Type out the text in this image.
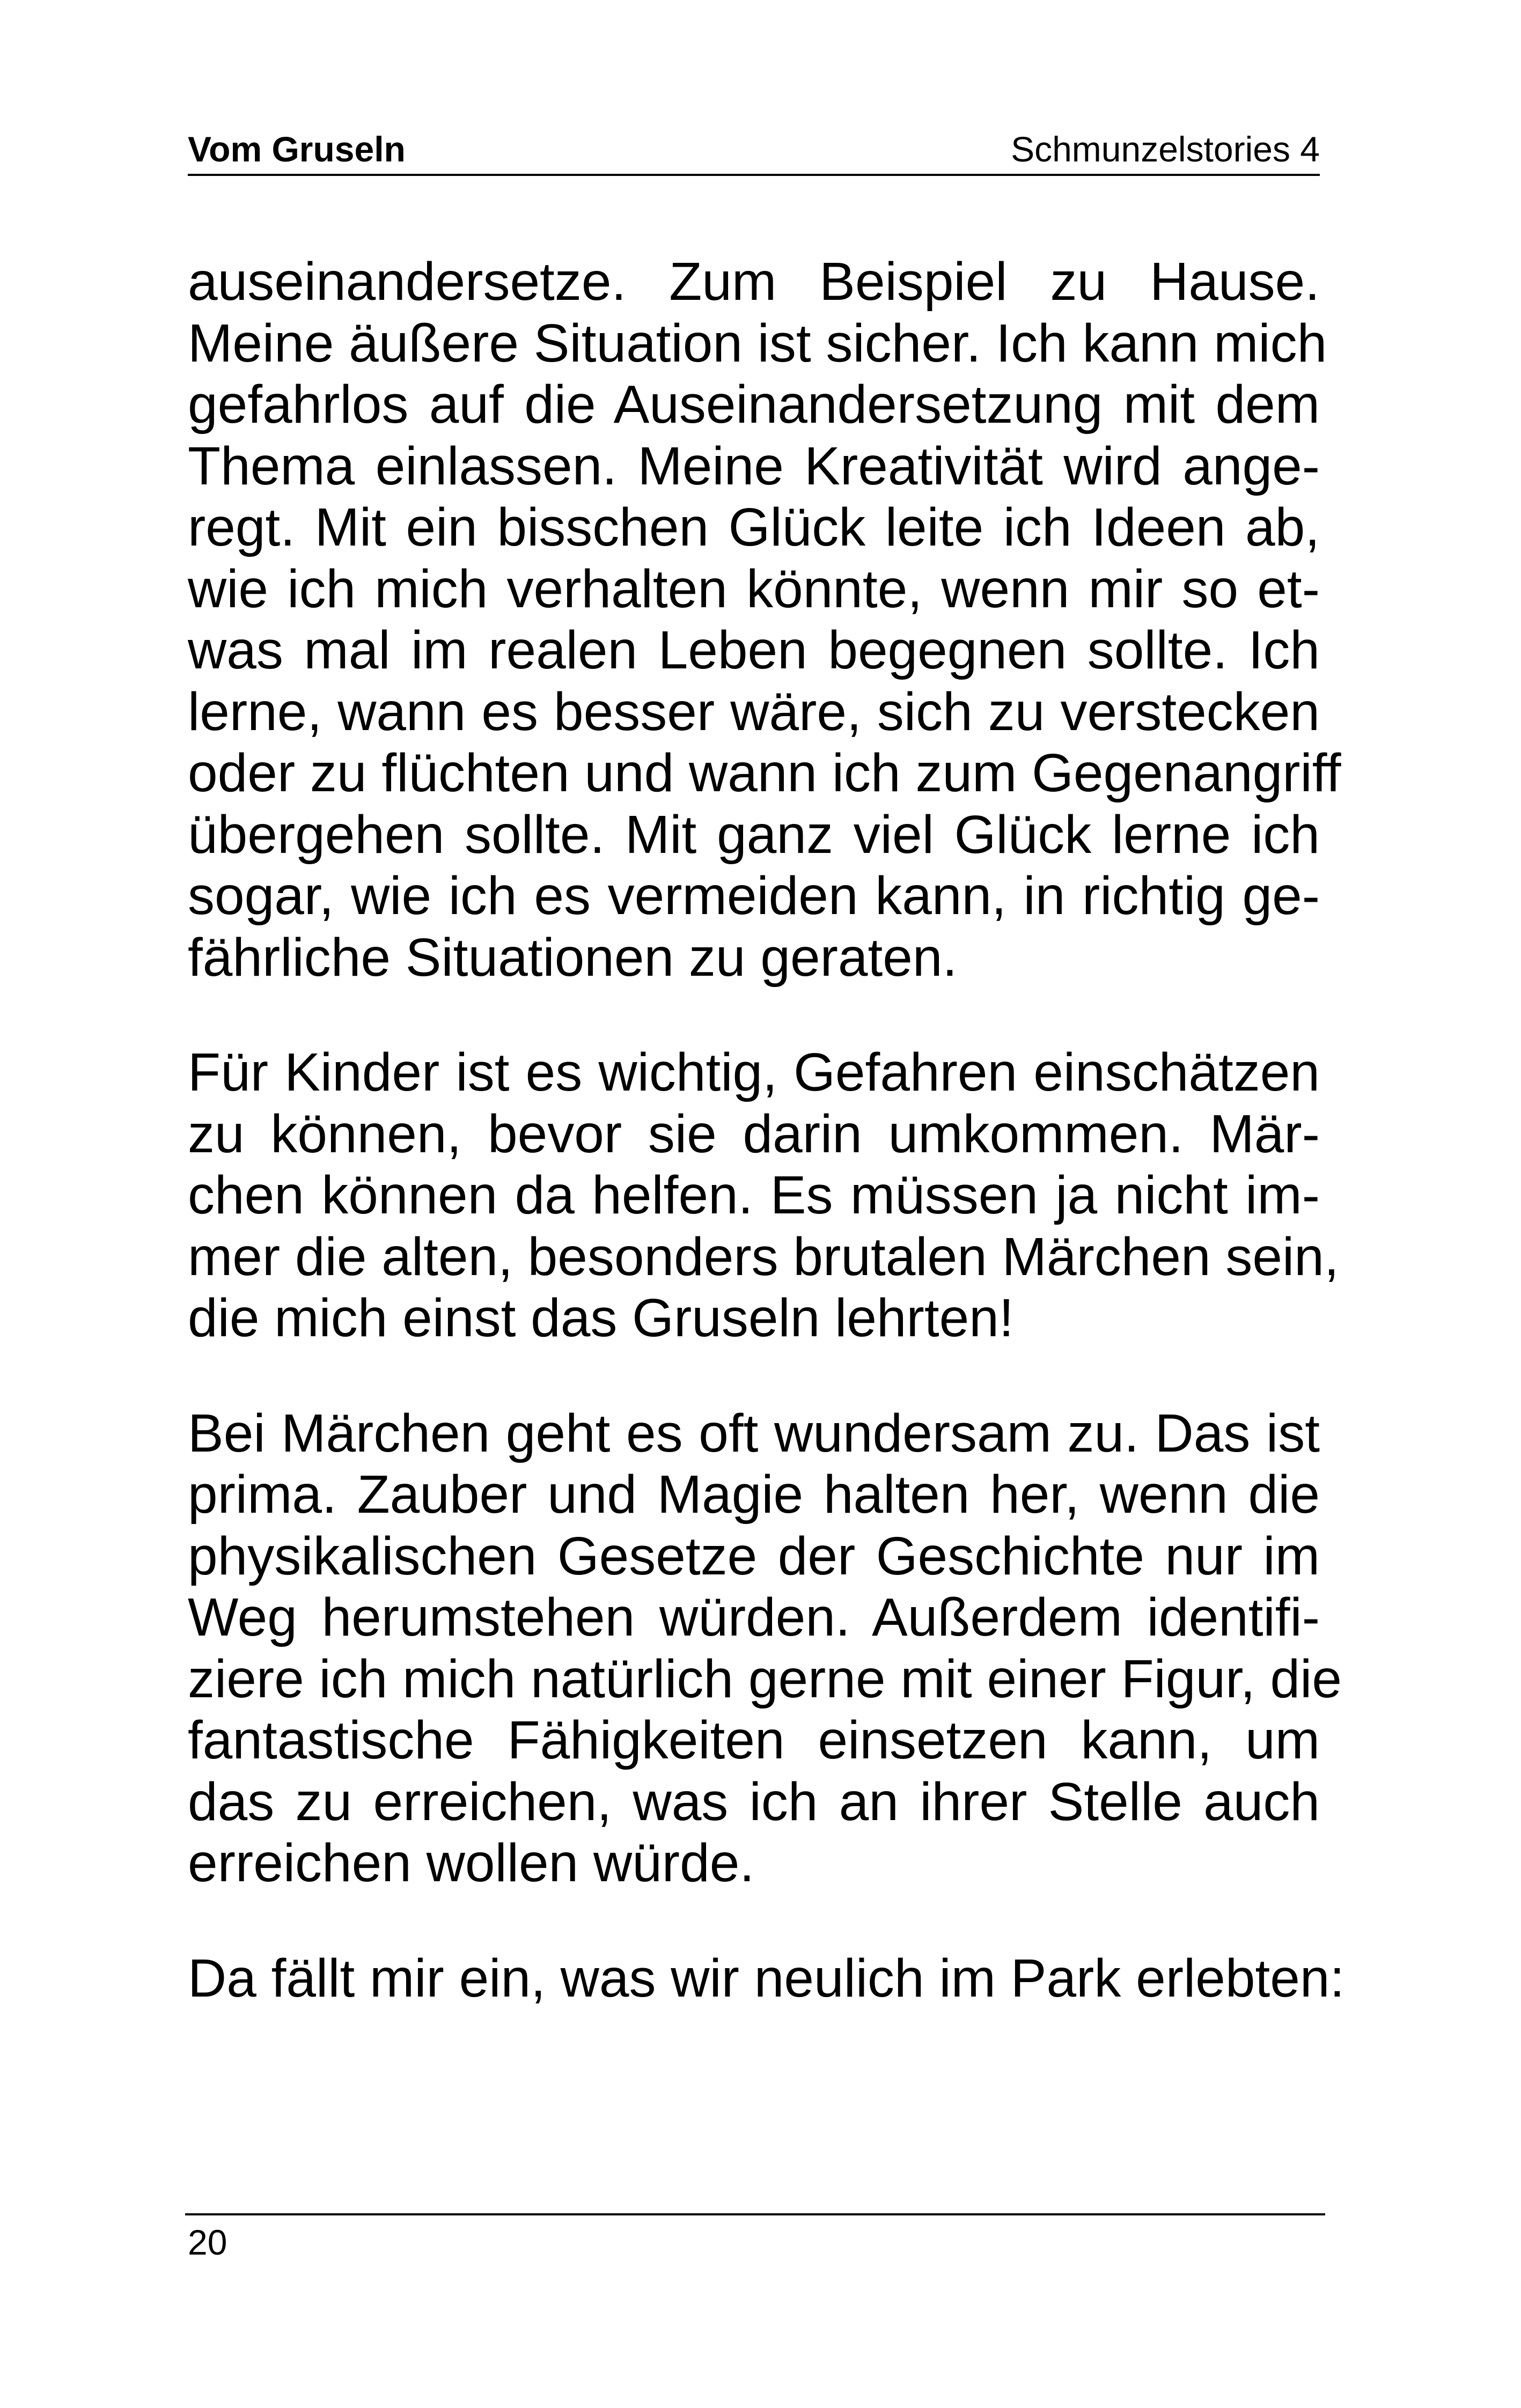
Vom Gruseln	Schmunzelstories 4

auseinandersetze. Zum Beispiel zu Hause.
Meine äußere Situation ist sicher. Ich kann mich
gefahrlos auf die Auseinandersetzung mit dem
Thema einlassen. Meine Kreativität wird ange-
regt. Mit ein bisschen Glück leite ich Ideen ab,
wie ich mich verhalten könnte, wenn mir so et-
was mal im realen Leben begegnen sollte. Ich
lerne, wann es besser wäre, sich zu verstecken
oder zu flüchten und wann ich zum Gegenangriff
übergehen sollte. Mit ganz viel Glück lerne ich
sogar, wie ich es vermeiden kann, in richtig ge-
fährliche Situationen zu geraten.

Für Kinder ist es wichtig, Gefahren einschätzen
zu können, bevor sie darin umkommen. Mär-
chen können da helfen. Es müssen ja nicht im-
mer die alten, besonders brutalen Märchen sein,
die mich einst das Gruseln lehrten!

Bei Märchen geht es oft wundersam zu. Das ist
prima. Zauber und Magie halten her, wenn die
physikalischen Gesetze der Geschichte nur im
Weg herumstehen würden. Außerdem identifi-
ziere ich mich natürlich gerne mit einer Figur, die
fantastische Fähigkeiten einsetzen kann, um
das zu erreichen, was ich an ihrer Stelle auch
erreichen wollen würde.

Da fällt mir ein, was wir neulich im Park erlebten:

20
